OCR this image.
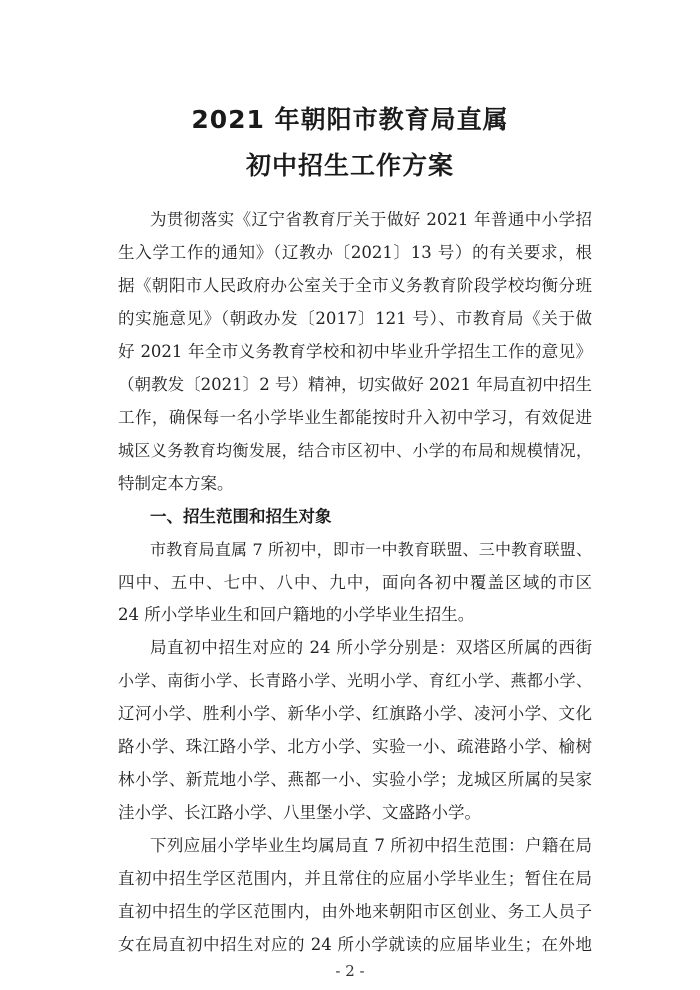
2021 年朝阳市教育局直属
初中招生工作方案
为贯彻落实《辽宁省教育厅关于做好 2021 年普通中小学招
生入学工作的通知》（辽教办〔2021〕13 号）的有关要求，根
据《朝阳市人民政府办公室关于全市义务教育阶段学校均衡分班
的实施意见》（朝政办发〔2017〕121 号）、市教育局《关于做
好 2021 年全市义务教育学校和初中毕业升学招生工作的意见》
（朝教发〔2021〕2 号）精神，切实做好 2021 年局直初中招生
工作，确保每一名小学毕业生都能按时升入初中学习，有效促进
城区义务教育均衡发展，结合市区初中、小学的布局和规模情况，
特制定本方案。
一、招生范围和招生对象
市教育局直属 7 所初中，即市一中教育联盟、三中教育联盟、
四中、五中、七中、八中、九中，面向各初中覆盖区域的市区
24 所小学毕业生和回户籍地的小学毕业生招生。
局直初中招生对应的 24 所小学分别是：双塔区所属的西街
小学、南街小学、长青路小学、光明小学、育红小学、燕都小学、
辽河小学、胜利小学、新华小学、红旗路小学、凌河小学、文化
路小学、珠江路小学、北方小学、实验一小、疏港路小学、榆树
林小学、新荒地小学、燕都一小、实验小学；龙城区所属的吴家
洼小学、长江路小学、八里堡小学、文盛路小学。
下列应届小学毕业生均属局直 7 所初中招生范围：户籍在局
直初中招生学区范围内，并且常住的应届小学毕业生；暂住在局
直初中招生的学区范围内，由外地来朝阳市区创业、务工人员子
女在局直初中招生对应的 24 所小学就读的应届毕业生；在外地
- 2 -
